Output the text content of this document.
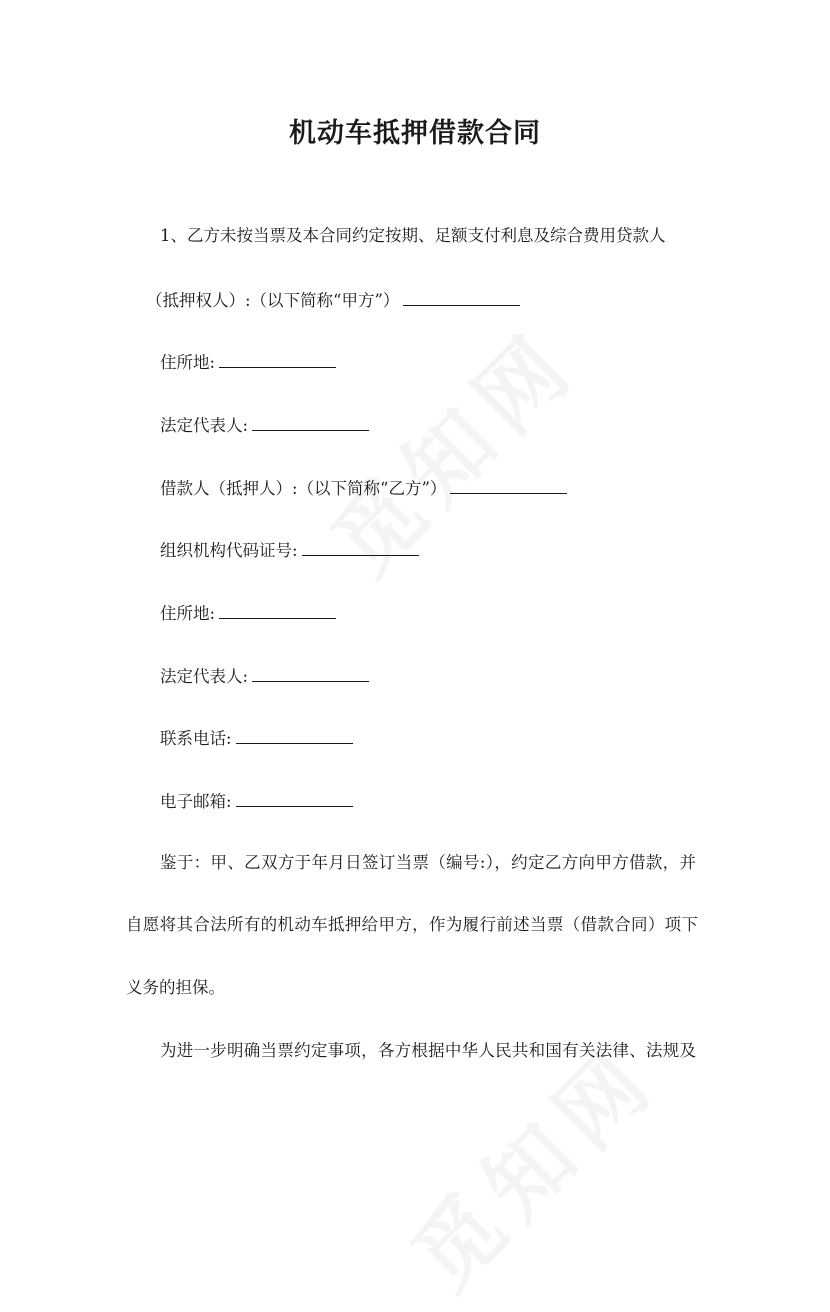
机动车抵押借款合同
1、乙方未按当票及本合同约定按期、足额支付利息及综合费用贷款人
（抵押权人）:（以下简称“甲方”）
住所地:
法定代表人:
借款人（抵押人）:（以下简称“乙方”）
组织机构代码证号:
住所地:
法定代表人:
联系电话:
电子邮箱:
鉴于：甲、乙双方于年月日签订当票（编号:），约定乙方向甲方借款，并
自愿将其合法所有的机动车抵押给甲方，作为履行前述当票（借款合同）项下
义务的担保。
为进一步明确当票约定事项，各方根据中华人民共和国有关法律、法规及
